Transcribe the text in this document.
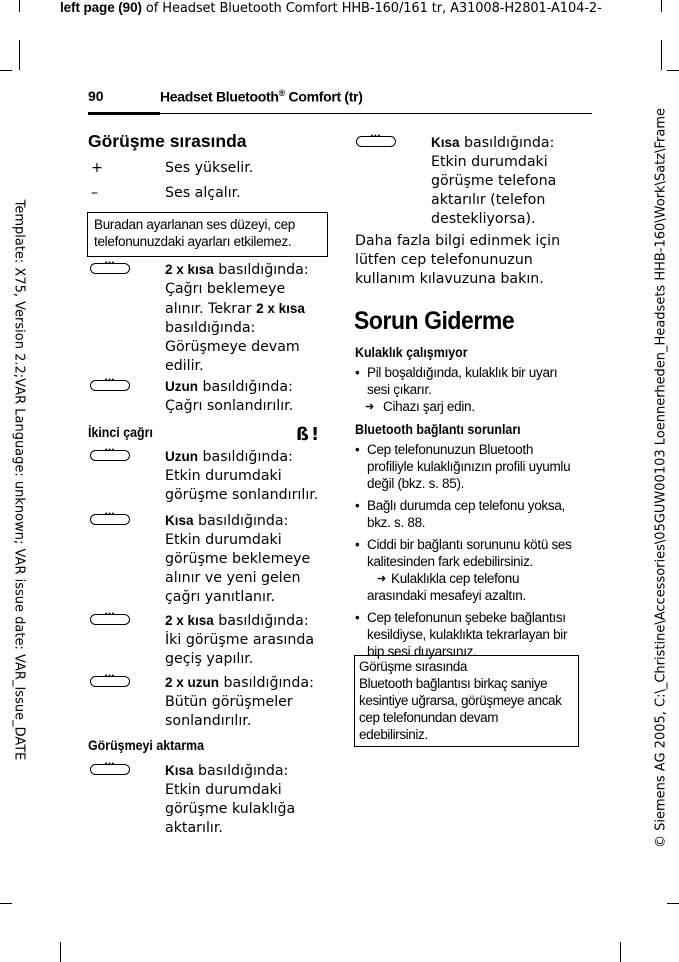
left page (90) of Headset Bluetooth Comfort HHB-160/161 tr, A31008-H2801-A104-2-
Template: X75, Version 2.2;VAR Language: unknown; VAR issue date: VAR_Issue_DATE	© Siemens AG 2005, C:\_Christine\Accessories\05GUW00103 Loennerheden_Headsets HHB-160\Work\Satz\Frame
90	Headset Bluetooth® Comfort (tr)
Görüşme sırasında
+	Ses yükselir.
–	Ses alçalır.
Buradan ayarlanan ses düzeyi, cep
telefonunuzdaki ayarları etkilemez.
•••
2 x kısa basıldığında:
Çağrı beklemeye
alınır. Tekrar 2 x kısa
basıldığında:
Görüşmeye devam
edilir.
•••
Uzun basıldığında:
Çağrı sonlandırılır.
İkinci çağrı	ß!
•••
Uzun basıldığında:
Etkin durumdaki
görüşme sonlandırılır.
•••
Kısa basıldığında:
Etkin durumdaki
görüşme beklemeye
alınır ve yeni gelen
çağrı yanıtlanır.
•••
2 x kısa basıldığında:
İki görüşme arasında
geçiş yapılır.
•••
2 x uzun basıldığında:
Bütün görüşmeler
sonlandırılır.
Görüşmeyi aktarma
•••
Kısa basıldığında:
Etkin durumdaki
görüşme kulaklığa
aktarılır.
•••
Kısa basıldığında:
Etkin durumdaki
görüşme telefona
aktarılır (telefon
destekliyorsa).
Daha fazla bilgi edinmek için
lütfen cep telefonunuzun
kullanım kılavuzuna bakın.
Sorun Giderme
Kulaklık çalışmıyor
• Pil boşaldığında, kulaklık bir uyarı
sesi çıkarır.
➜ Cihazı şarj edin.
Bluetooth bağlantı sorunları
• Cep telefonunuzun Bluetooth
profiliyle kulaklığınızın profili uyumlu
değil (bkz. s. 85).
• Bağlı durumda cep telefonu yoksa,
bkz. s. 88.
• Ciddi bir bağlantı sorununu kötü ses
kalitesinden fark edebilirsiniz.
➜ Kulaklıkla cep telefonu
arasındaki mesafeyi azaltın.
• Cep telefonunun şebeke bağlantısı
kesildiyse, kulaklıkta tekrarlayan bir
bip sesi duyarsınız.
Görüşme sırasında
Bluetooth bağlantısı birkaç saniye
kesintiye uğrarsa, görüşmeye ancak
cep telefonundan devam
edebilirsiniz.
